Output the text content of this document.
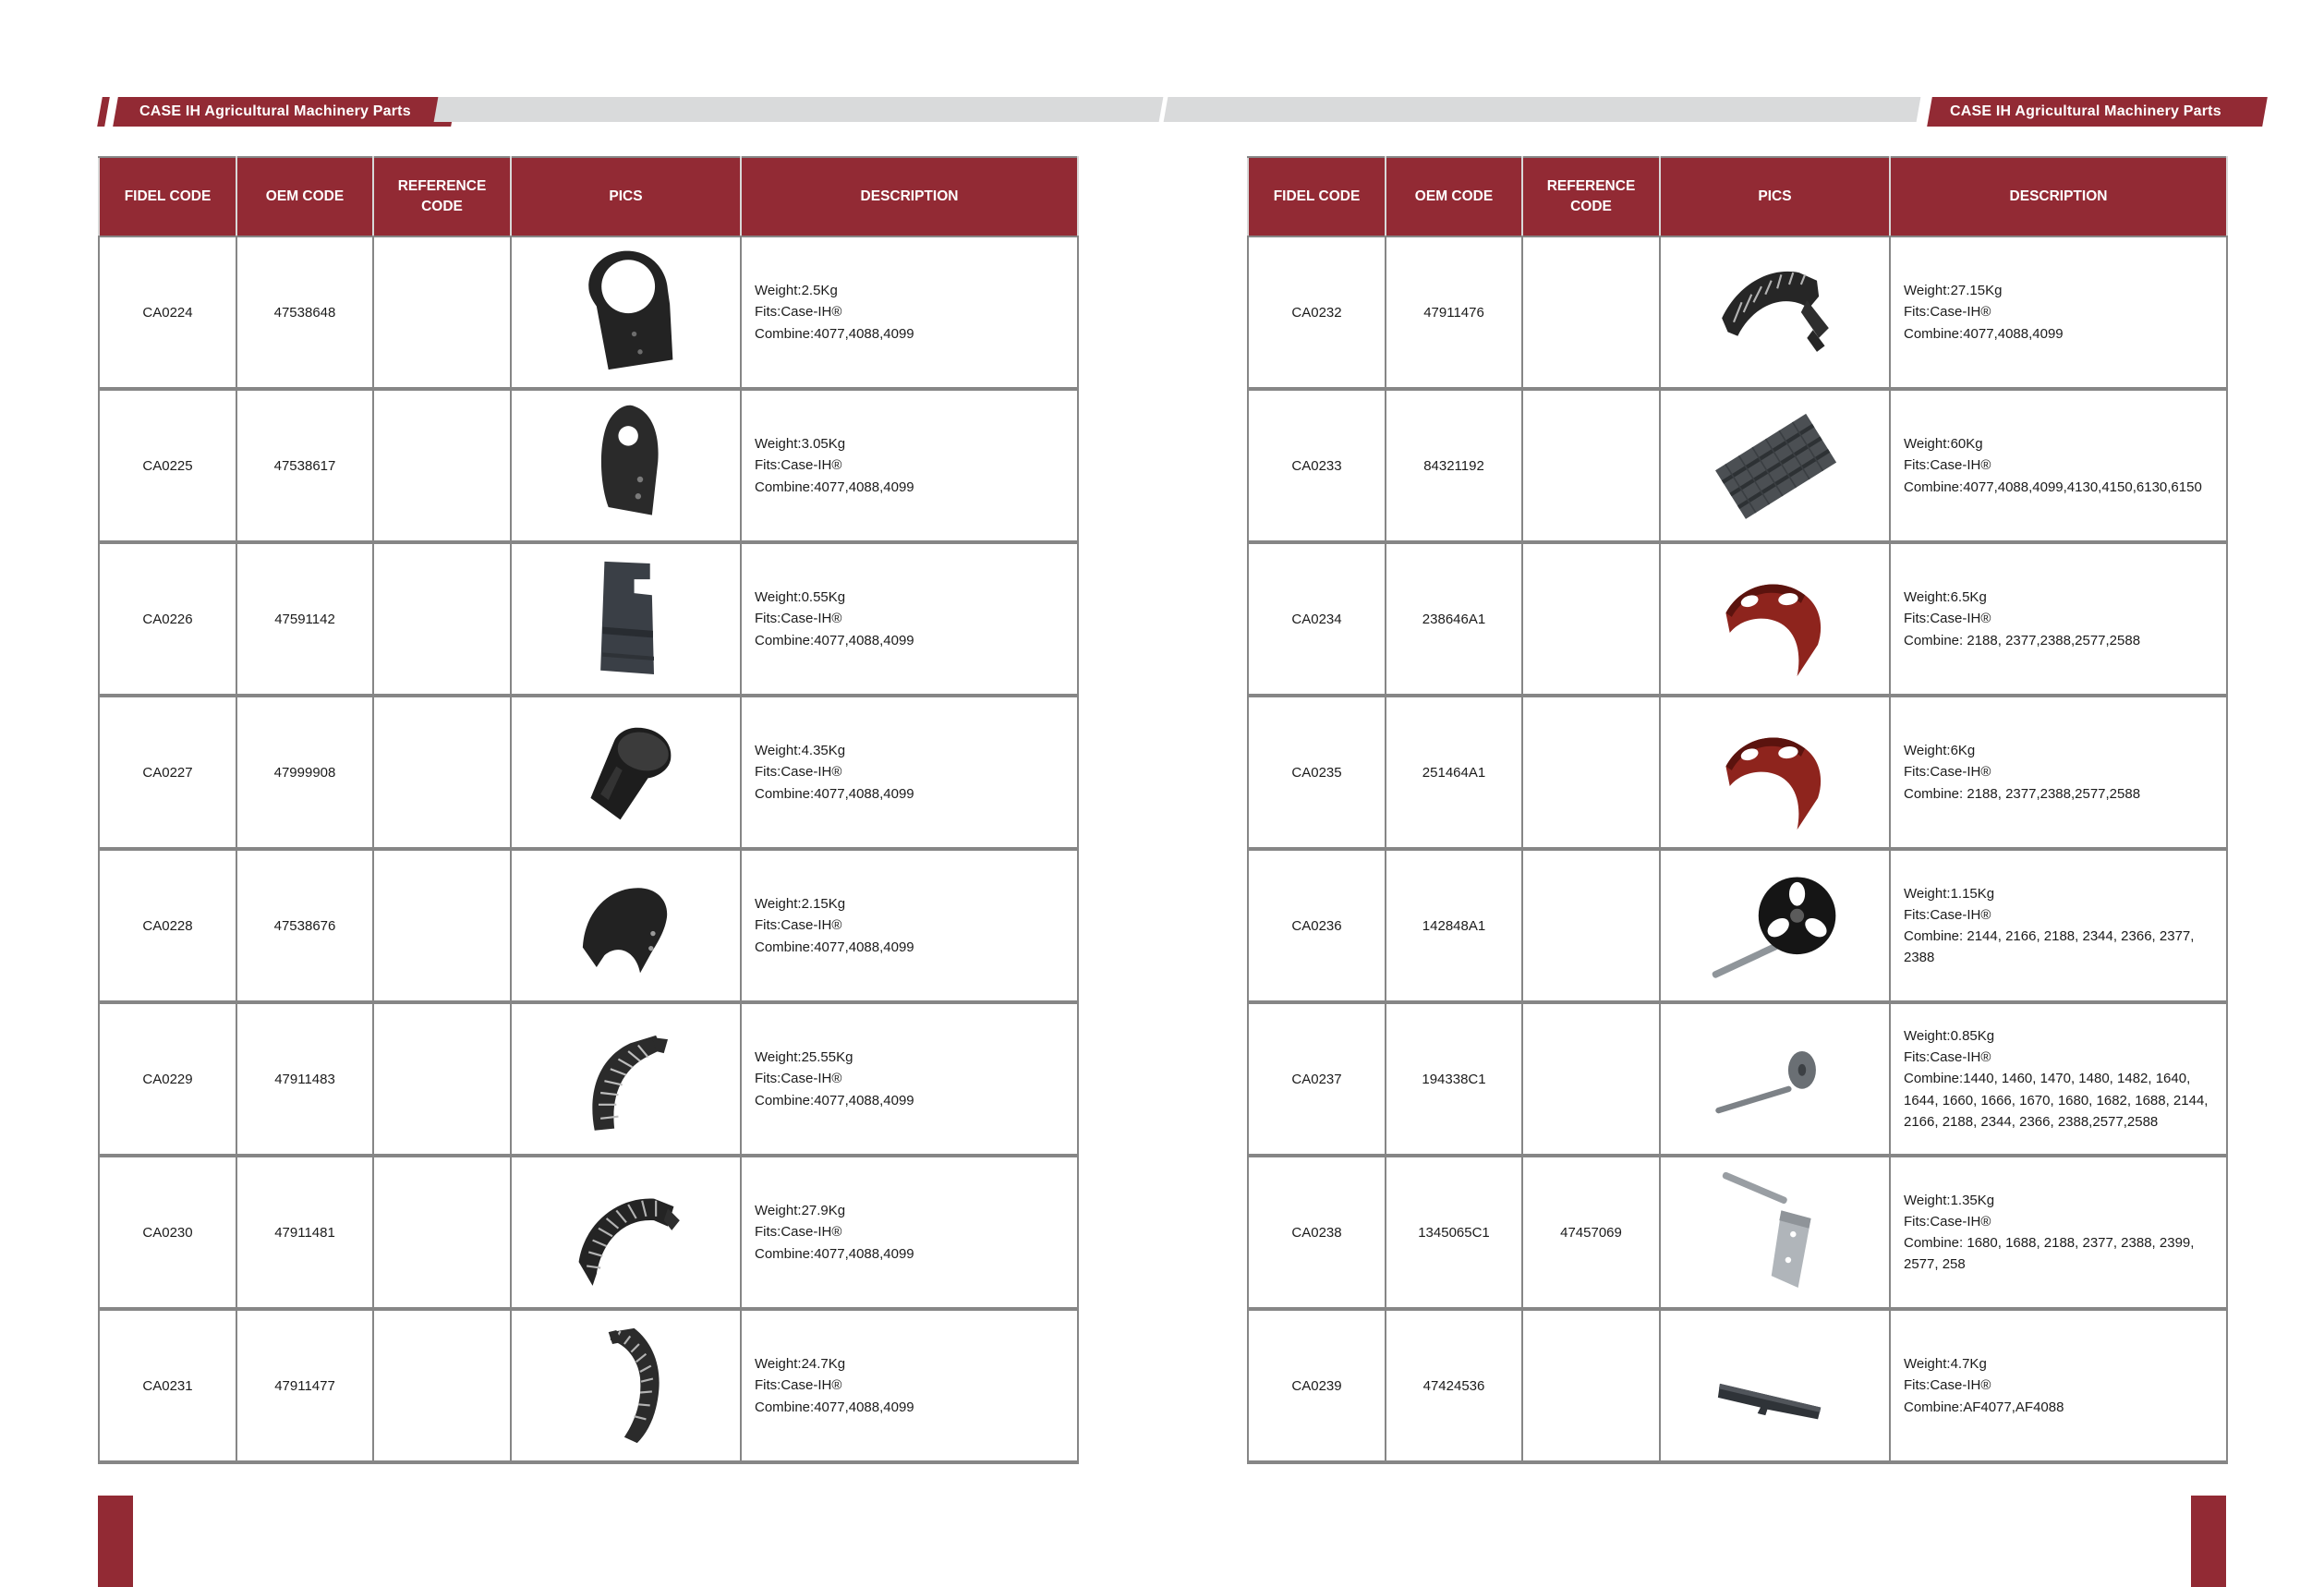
CASE IH Agricultural Machinery Parts	CASE IH Agricultural Machinery Parts
FIDEL CODE	OEM CODE	REFERENCE CODE	PICS	DESCRIPTION
CA0224	47538648			Weight:2.5Kg
Fits:Case-IH®
Combine:4077,4088,4099

CA0225	47538617			Weight:3.05Kg
Fits:Case-IH®
Combine:4077,4088,4099

CA0226	47591142			Weight:0.55Kg
Fits:Case-IH®
Combine:4077,4088,4099

CA0227	47999908			Weight:4.35Kg
Fits:Case-IH®
Combine:4077,4088,4099

CA0228	47538676			Weight:2.15Kg
Fits:Case-IH®
Combine:4077,4088,4099

CA0229	47911483			Weight:25.55Kg
Fits:Case-IH®
Combine:4077,4088,4099

CA0230	47911481			Weight:27.9Kg
Fits:Case-IH®
Combine:4077,4088,4099

CA0231	47911477			Weight:24.7Kg
Fits:Case-IH®
Combine:4077,4088,4099
FIDEL CODE	OEM CODE	REFERENCE CODE	PICS	DESCRIPTION
CA0232	47911476			Weight:27.15Kg
Fits:Case-IH®
Combine:4077,4088,4099

CA0233	84321192			Weight:60Kg
Fits:Case-IH®
Combine:4077,4088,4099,4130,4150,6130,6150

CA0234	238646A1			Weight:6.5Kg
Fits:Case-IH®
Combine: 2188, 2377,2388,2577,2588

CA0235	251464A1			Weight:6Kg
Fits:Case-IH®
Combine: 2188, 2377,2388,2577,2588

CA0236	142848A1			Weight:1.15Kg
Fits:Case-IH®
Combine: 2144, 2166, 2188, 2344, 2366, 2377, 2388

CA0237	194338C1			Weight:0.85Kg
Fits:Case-IH®
Combine:1440, 1460, 1470, 1480, 1482, 1640, 1644, 1660, 1666, 1670, 1680, 1682, 1688, 2144, 2166, 2188, 2344, 2366, 2388,2577,2588

CA0238	1345065C1	47457069		Weight:1.35Kg
Fits:Case-IH®
Combine: 1680, 1688, 2188, 2377, 2388, 2399, 2577, 258

CA0239	47424536			Weight:4.7Kg
Fits:Case-IH®
Combine:AF4077,AF4088
